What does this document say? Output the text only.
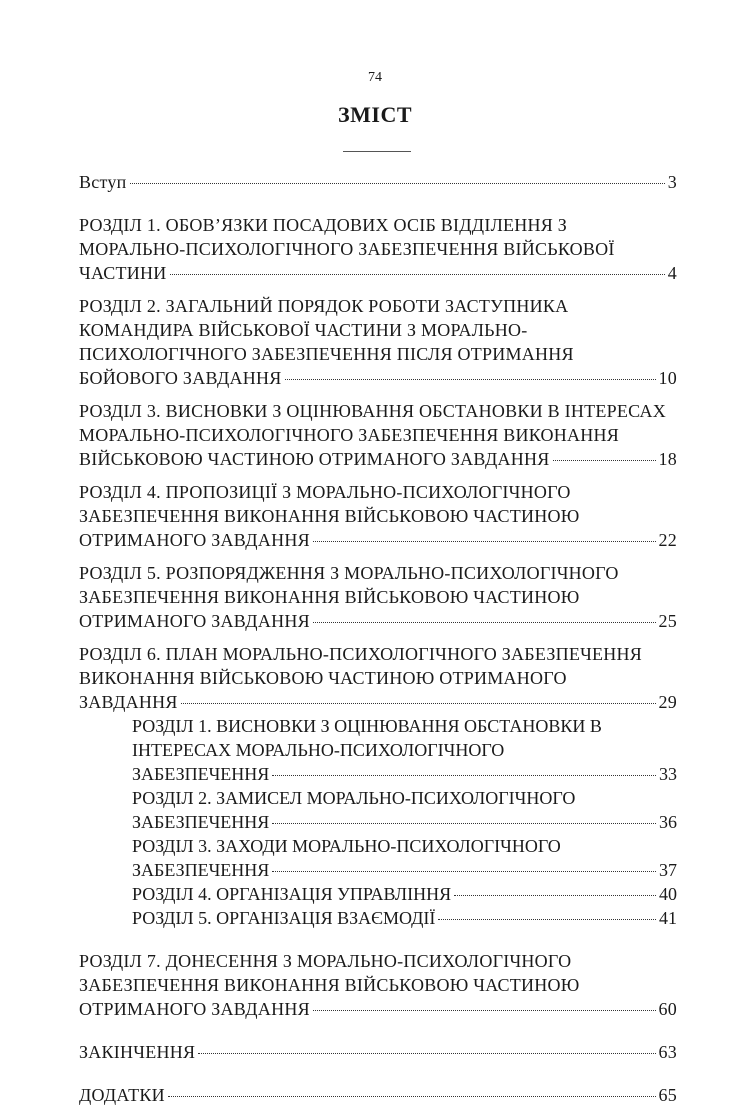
74
ЗМІСТ
Вступ	3
РОЗДІЛ 1. ОБОВ’ЯЗКИ ПОСАДОВИХ ОСІБ ВІДДІЛЕННЯ З
МОРАЛЬНО-ПСИХОЛОГІЧНОГО ЗАБЕЗПЕЧЕННЯ ВІЙСЬКОВОЇ
ЧАСТИНИ	4
РОЗДІЛ 2. ЗАГАЛЬНИЙ ПОРЯДОК РОБОТИ ЗАСТУПНИКА
КОМАНДИРА ВІЙСЬКОВОЇ ЧАСТИНИ З МОРАЛЬНО-
ПСИХОЛОГІЧНОГО ЗАБЕЗПЕЧЕННЯ ПІСЛЯ ОТРИМАННЯ
БОЙОВОГО ЗАВДАННЯ	10
РОЗДІЛ 3. ВИСНОВКИ З ОЦІНЮВАННЯ ОБСТАНОВКИ В ІНТЕРЕСАХ
МОРАЛЬНО-ПСИХОЛОГІЧНОГО ЗАБЕЗПЕЧЕННЯ ВИКОНАННЯ
ВІЙСЬКОВОЮ ЧАСТИНОЮ ОТРИМАНОГО ЗАВДАННЯ	18
РОЗДІЛ 4. ПРОПОЗИЦІЇ З МОРАЛЬНО-ПСИХОЛОГІЧНОГО
ЗАБЕЗПЕЧЕННЯ ВИКОНАННЯ ВІЙСЬКОВОЮ ЧАСТИНОЮ
ОТРИМАНОГО ЗАВДАННЯ	22
РОЗДІЛ 5. РОЗПОРЯДЖЕННЯ З МОРАЛЬНО-ПСИХОЛОГІЧНОГО
ЗАБЕЗПЕЧЕННЯ ВИКОНАННЯ ВІЙСЬКОВОЮ ЧАСТИНОЮ
ОТРИМАНОГО ЗАВДАННЯ	25
РОЗДІЛ 6. ПЛАН МОРАЛЬНО-ПСИХОЛОГІЧНОГО ЗАБЕЗПЕЧЕННЯ
ВИКОНАННЯ ВІЙСЬКОВОЮ ЧАСТИНОЮ ОТРИМАНОГО
ЗАВДАННЯ	29
РОЗДІЛ 1. ВИСНОВКИ З ОЦІНЮВАННЯ ОБСТАНОВКИ В
ІНТЕРЕСАХ МОРАЛЬНО-ПСИХОЛОГІЧНОГО
ЗАБЕЗПЕЧЕННЯ	33
РОЗДІЛ 2. ЗАМИСЕЛ МОРАЛЬНО-ПСИХОЛОГІЧНОГО
ЗАБЕЗПЕЧЕННЯ	36
РОЗДІЛ 3. ЗАХОДИ МОРАЛЬНО-ПСИХОЛОГІЧНОГО
ЗАБЕЗПЕЧЕННЯ	37
РОЗДІЛ 4. ОРГАНІЗАЦІЯ УПРАВЛІННЯ	40
РОЗДІЛ 5. ОРГАНІЗАЦІЯ ВЗАЄМОДІЇ	41
РОЗДІЛ 7. ДОНЕСЕННЯ З МОРАЛЬНО-ПСИХОЛОГІЧНОГО
ЗАБЕЗПЕЧЕННЯ ВИКОНАННЯ ВІЙСЬКОВОЮ ЧАСТИНОЮ
ОТРИМАНОГО ЗАВДАННЯ	60
ЗАКІНЧЕННЯ	63
ДОДАТКИ	65
